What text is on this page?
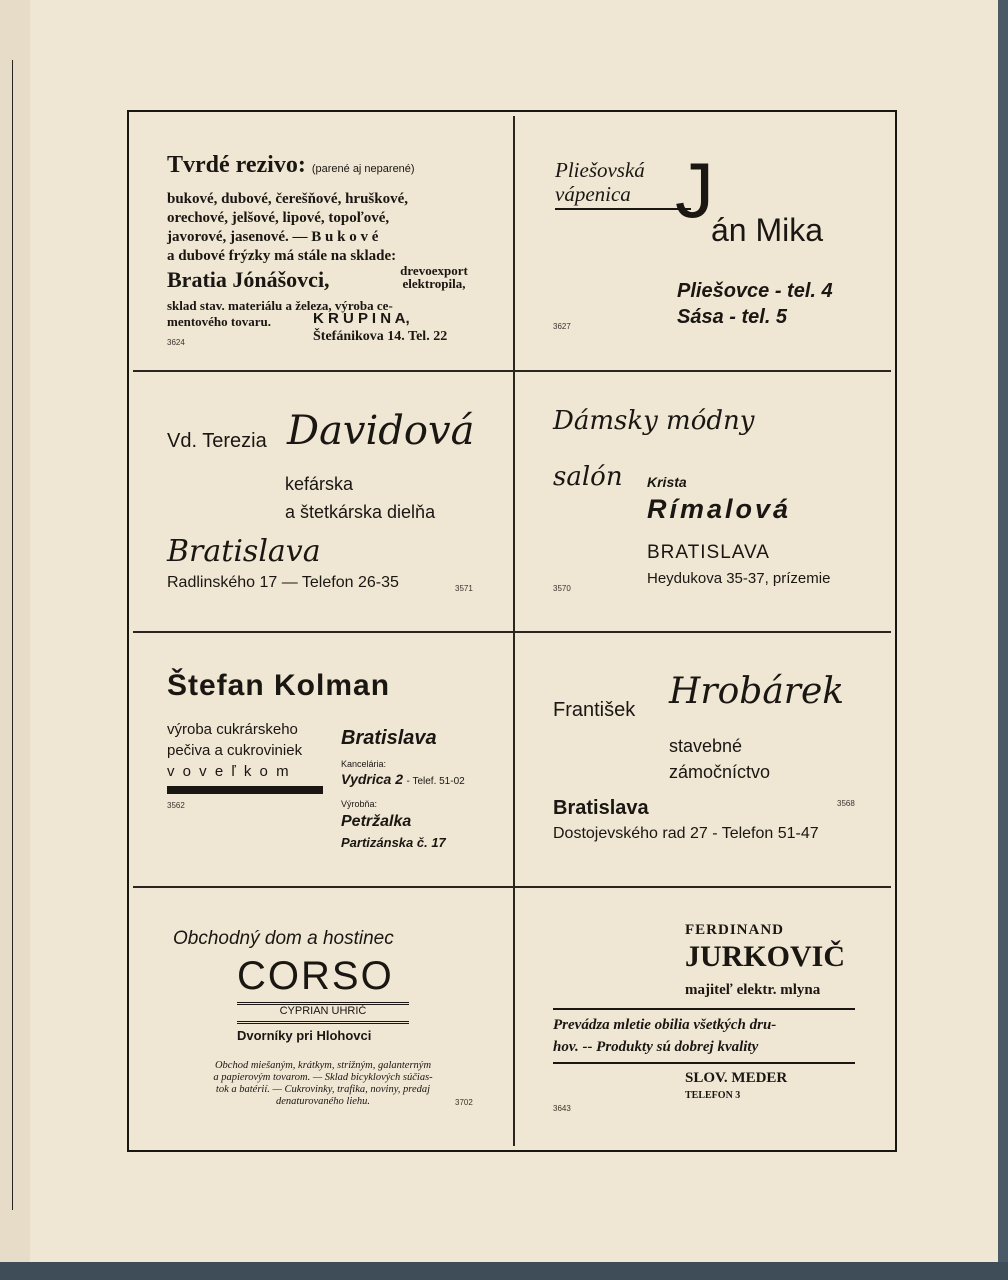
Tvrdé rezivo: (parené aj neparené)
bukové, dubové, čerešňové, hruškové,
orechové, jelšové, lipové, topoľové,
javorové, jasenové. — B u k o v é
a dubové frýzky má stále na sklade:
Bratia Jónášovci,	drevoexport
elektropila,
sklad stav. materiálu a železa, výroba ce-
mentového tovaru.	K R U P I N A,
Štefánikova 14. Tel. 22
3624
Pliešovská
vápenica J
án Mika
Pliešovce - tel. 4
Sása - tel. 5
3627
Vd. Terezia Davidová
kefárska
a štetkárska dielňa
Bratislava
Radlinského 17 — Telefon 26-35	3571
Dámsky módny
salón Krista
Rímalová
BRATISLAVA
Heydukova 35-37, prízemie
3570
Štefan Kolman
výroba cukrárskeho
pečiva a cukroviniek
v o v e ľ k o m
Bratislava
Kancelária:
Vydrica 2 - Telef. 51-02
Výrobňa:
Petržalka
Partizánska č. 17
3562
František Hrobárek
stavebné
zámočníctvo
Bratislava
Dostojevského rad 27 - Telefon 51-47
3568
Obchodný dom a hostinec
CORSO
CYPRIAN UHRIČ
Dvorníky pri Hlohovci
Obchod miešaným, krátkym, strižným, galanterným
a papierovým tovarom. — Sklad bicyklových súčias-
tok a batérií. — Cukrovinky, trafika, noviny, predaj
denaturovaného liehu.	3702
FERDINAND
JURKOVIČ
majiteľ elektr. mlyna
Prevádza mletie obilia všetkých dru-
hov. -- Produkty sú dobrej kvality
SLOV. MEDER
TELEFON 3
3643
